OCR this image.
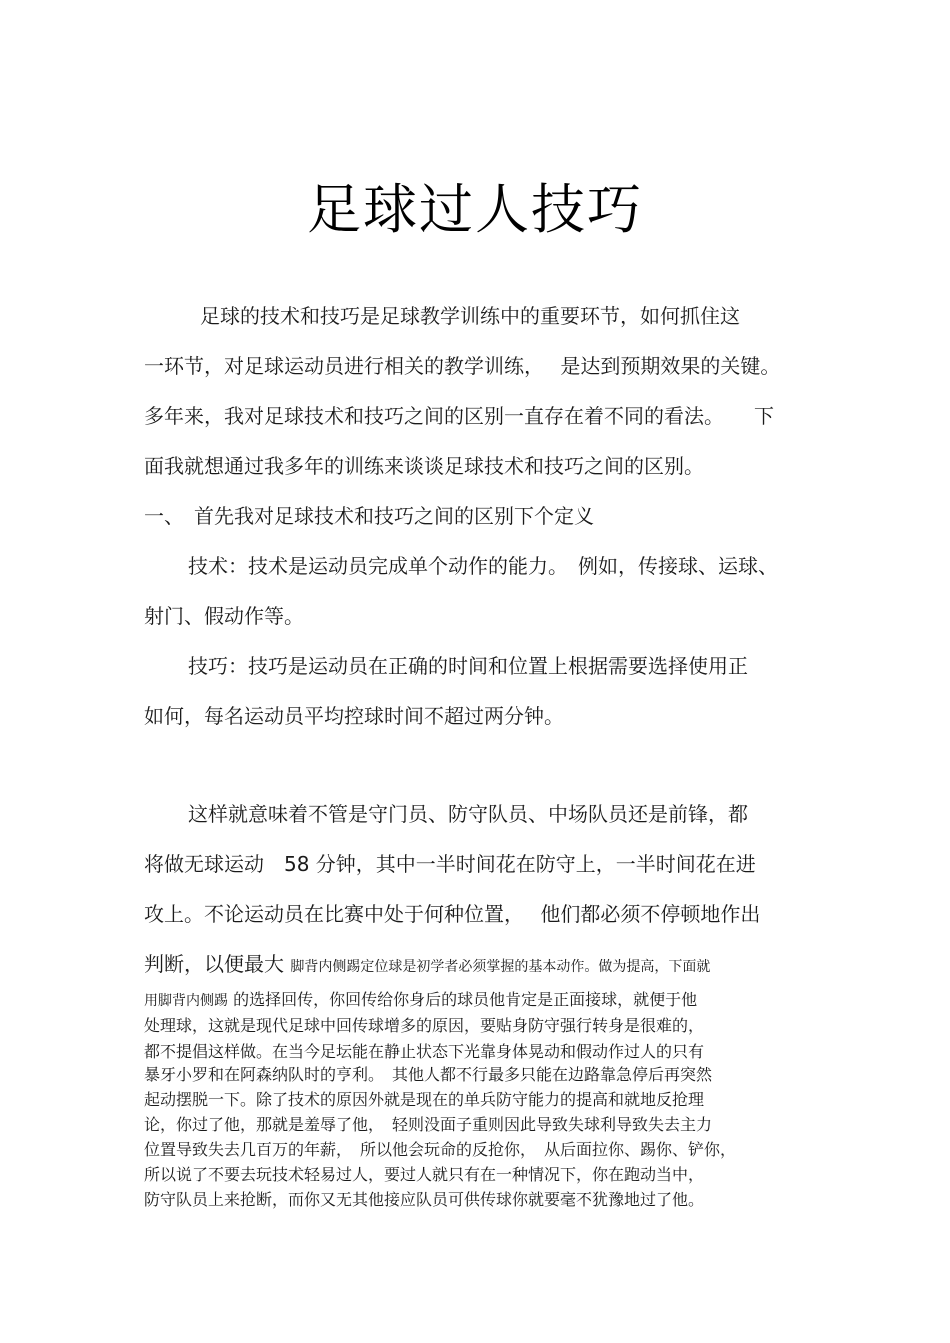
足球过人技巧
足球的技术和技巧是足球教学训练中的重要环节，如何抓住这
一环节，对足球运动员进行相关的教学训练，　 是达到预期效果的关键。
多年来，我对足球技术和技巧之间的区别一直存在着不同的看法。　　下
面我就想通过我多年的训练来谈谈足球技术和技巧之间的区别。
一、　首先我对足球技术和技巧之间的区别下个定义
技术：技术是运动员完成单个动作的能力。　例如，传接球、运球、
射门、假动作等。
技巧：技巧是运动员在正确的时间和位置上根据需要选择使用正
如何，每名运动员平均控球时间不超过两分钟。
这样就意味着不管是守门员、防守队员、中场队员还是前锋，都
将做无球运动　58 分钟，其中一半时间花在防守上，一半时间花在进
攻上。不论运动员在比赛中处于何种位置，　 他们都必须不停顿地作出
判断，以便最大 脚背内侧踢定位球是初学者必须掌握的基本动作。做为提高，下面就
用脚背内侧踢 的选择回传，你回传给你身后的球员他肯定是正面接球，就便于他
处理球，这就是现代足球中回传球增多的原因，要贴身防守强行转身是很难的，
都不提倡这样做。在当今足坛能在静止状态下光靠身体晃动和假动作过人的只有
暴牙小罗和在阿森纳队时的亨利。　其他人都不行最多只能在边路靠急停后再突然
起动摆脱一下。除了技术的原因外就是现在的单兵防守能力的提高和就地反抢理
论，你过了他，那就是羞辱了他，　轻则没面子重则因此导致失球利导致失去主力
位置导致失去几百万的年薪，　所以他会玩命的反抢你，　从后面拉你、踢你、铲你，
所以说了不要去玩技术轻易过人，要过人就只有在一种情况下，你在跑动当中，
防守队员上来抢断，而你又无其他接应队员可供传球你就要毫不犹豫地过了他。
